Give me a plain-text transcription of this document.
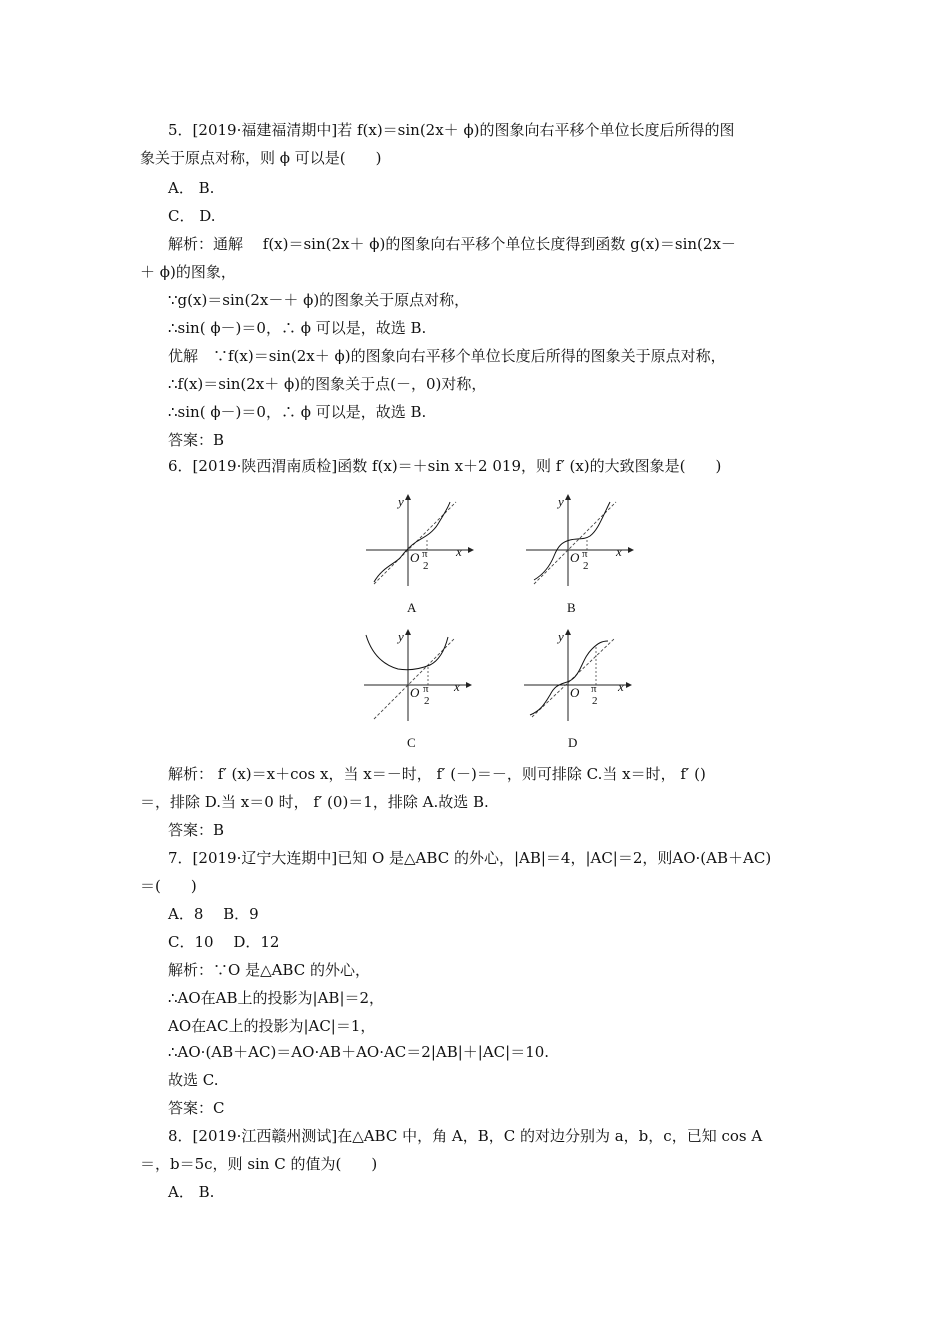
5．[2019·福建福清期中]若 f(x)＝sin(2x＋ ϕ)的图象向右平移个单位长度后所得的图
象关于原点对称，则 ϕ 可以是(　　)
A． B.
C． D.
解析：通解　 f(x)＝sin(2x＋ ϕ)的图象向右平移个单位长度得到函数 g(x)＝sin(2x－
＋ ϕ)的图象，
∵g(x)＝sin(2x－＋ ϕ)的图象关于原点对称，
∴sin( ϕ－)＝0，∴ ϕ 可以是，故选 B.
优解　∵f(x)＝sin(2x＋ ϕ)的图象向右平移个单位长度后所得的图象关于原点对称，
∴f(x)＝sin(2x＋ ϕ)的图象关于点(－，0)对称，
∴sin( ϕ－)＝0，∴ ϕ 可以是，故选 B.
答案：B
6．[2019·陕西渭南质检]函数 f(x)＝＋sin x＋2 019，则 f′ (x)的大致图象是(　　)
y
x
O π
2
A
y
x
O π
2
B
y
x
O π
2
C
y
x
O π
2
D
解析： f′ (x)＝x＋cos x，当 x＝－时， f′ (－)＝－，则可排除 C.当 x＝时， f′ ()
＝，排除 D.当 x＝0 时， f′ (0)＝1，排除 A.故选 B.
答案：B
7．[2019·辽宁大连期中]已知 O 是△ABC 的外心，|AB|＝4，|AC|＝2，则AO·(AB＋AC)
＝(　　)
A．8　 B．9
C．10　 D．12
解析：∵O 是△ABC 的外心，
∴AO在AB上的投影为|AB|＝2，
AO在AC上的投影为|AC|＝1，
∴AO·(AB＋AC)＝AO·AB＋AO·AC＝2|AB|＋|AC|＝10.
故选 C.
答案：C
8．[2019·江西赣州测试]在△ABC 中，角 A，B，C 的对边分别为 a，b，c，已知 cos A
＝，b＝5c，则 sin C 的值为(　　)
A． B.
